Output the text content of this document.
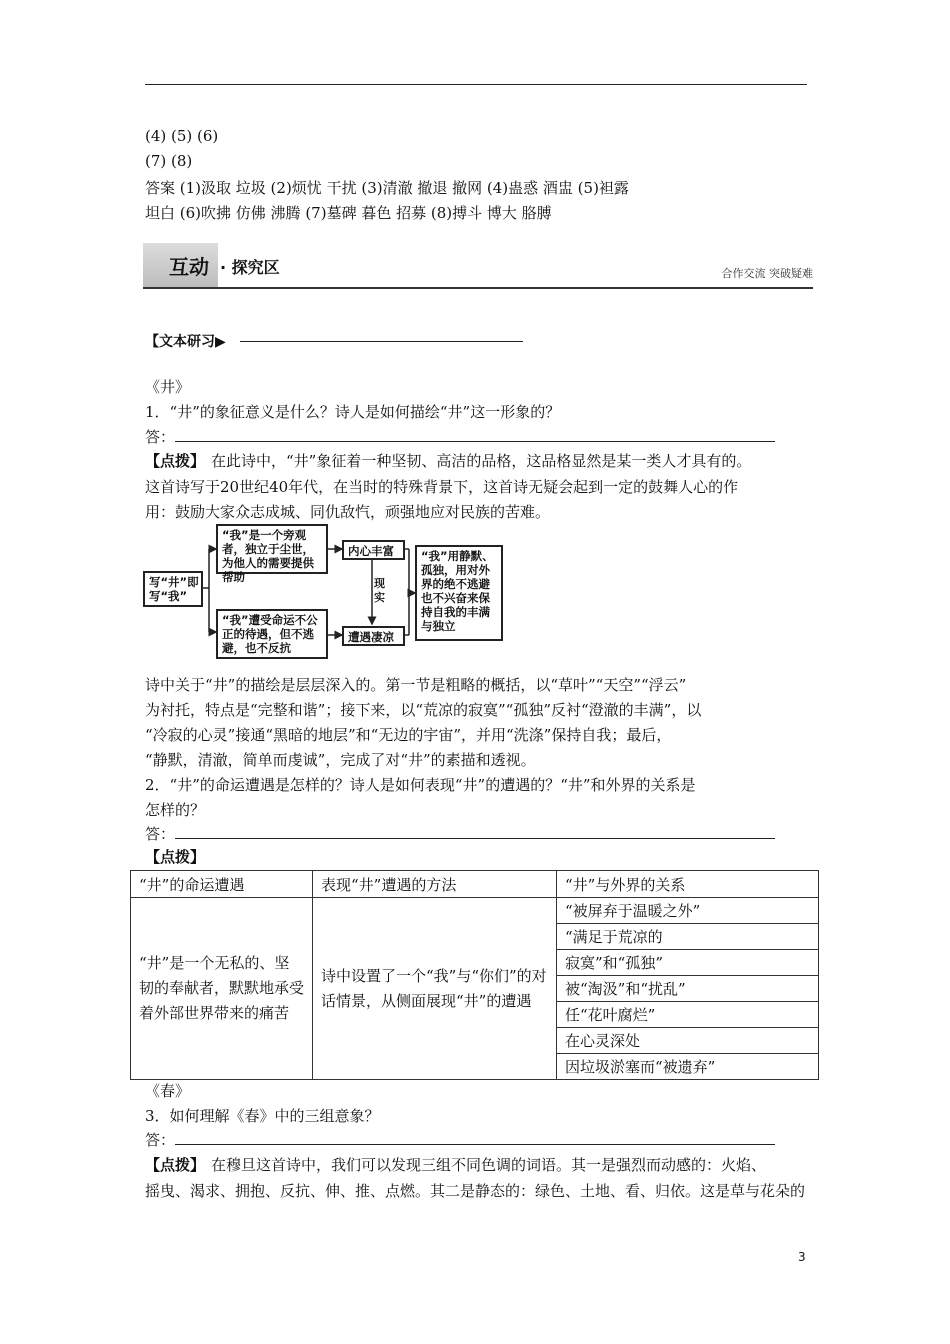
(4) (5) (6)
(7) (8)
答案 (1)汲取 垃圾 (2)烦忧 干扰 (3)清澈 撤退 撤网 (4)蛊惑 酒盅 (5)袒露
坦白 (6)吹拂 仿佛 沸腾 (7)墓碑 暮色 招募 (8)搏斗 博大 胳膊
互动 · 探究区	合作交流 突破疑难
【文本研习▶
《井》
1．“井”的象征意义是什么？诗人是如何描绘“井”这一形象的？
答：
【点拨】 在此诗中，“井”象征着一种坚韧、高洁的品格，这品格显然是某一类人才具有的。
这首诗写于20世纪40年代，在当时的特殊背景下，这首诗无疑会起到一定的鼓舞人心的作
用：鼓励大家众志成城、同仇敌忾，顽强地应对民族的苦难。
写“井”即写“我”
“我”是一个旁观者，独立于尘世，为他人的需要提供帮助
“我”遭受命运不公正的待遇，但不逃避，也不反抗
内心丰富
遭遇凄凉
现实
“我”用静默、孤独，用对外界的绝不逃避也不兴奋来保持自我的丰满与独立
诗中关于“井”的描绘是层层深入的。第一节是粗略的概括，以“草叶”“天空”“浮云”
为衬托，特点是“完整和谐”；接下来，以“荒凉的寂寞”“孤独”反衬“澄澈的丰满”，以
“冷寂的心灵”接通“黑暗的地层”和“无边的宇宙”，并用“洗涤”保持自我；最后，
“静默，清澈，简单而虔诚”，完成了对“井”的素描和透视。
2．“井”的命运遭遇是怎样的？诗人是如何表现“井”的遭遇的？“井”和外界的关系是
怎样的？
答：
【点拨】
“井”的命运遭遇	表现“井”遭遇的方法	“井”与外界的关系
“井”是一个无私的、坚韧的奉献者，默默地承受着外部世界带来的痛苦	诗中设置了一个“我”与“你们”的对话情景，从侧面展现“井”的遭遇	“被屏弃于温暖之外”
		“满足于荒凉的
		寂寞”和“孤独”
		被“淘汲”和“扰乱”
		任“花叶腐烂”
		在心灵深处
		因垃圾淤塞而“被遗弃”
《春》
3．如何理解《春》中的三组意象？
答：
【点拨】 在穆旦这首诗中，我们可以发现三组不同色调的词语。其一是强烈而动感的：火焰、
摇曳、渴求、拥抱、反抗、伸、推、点燃。其二是静态的：绿色、土地、看、归依。这是草与花朵的
3
